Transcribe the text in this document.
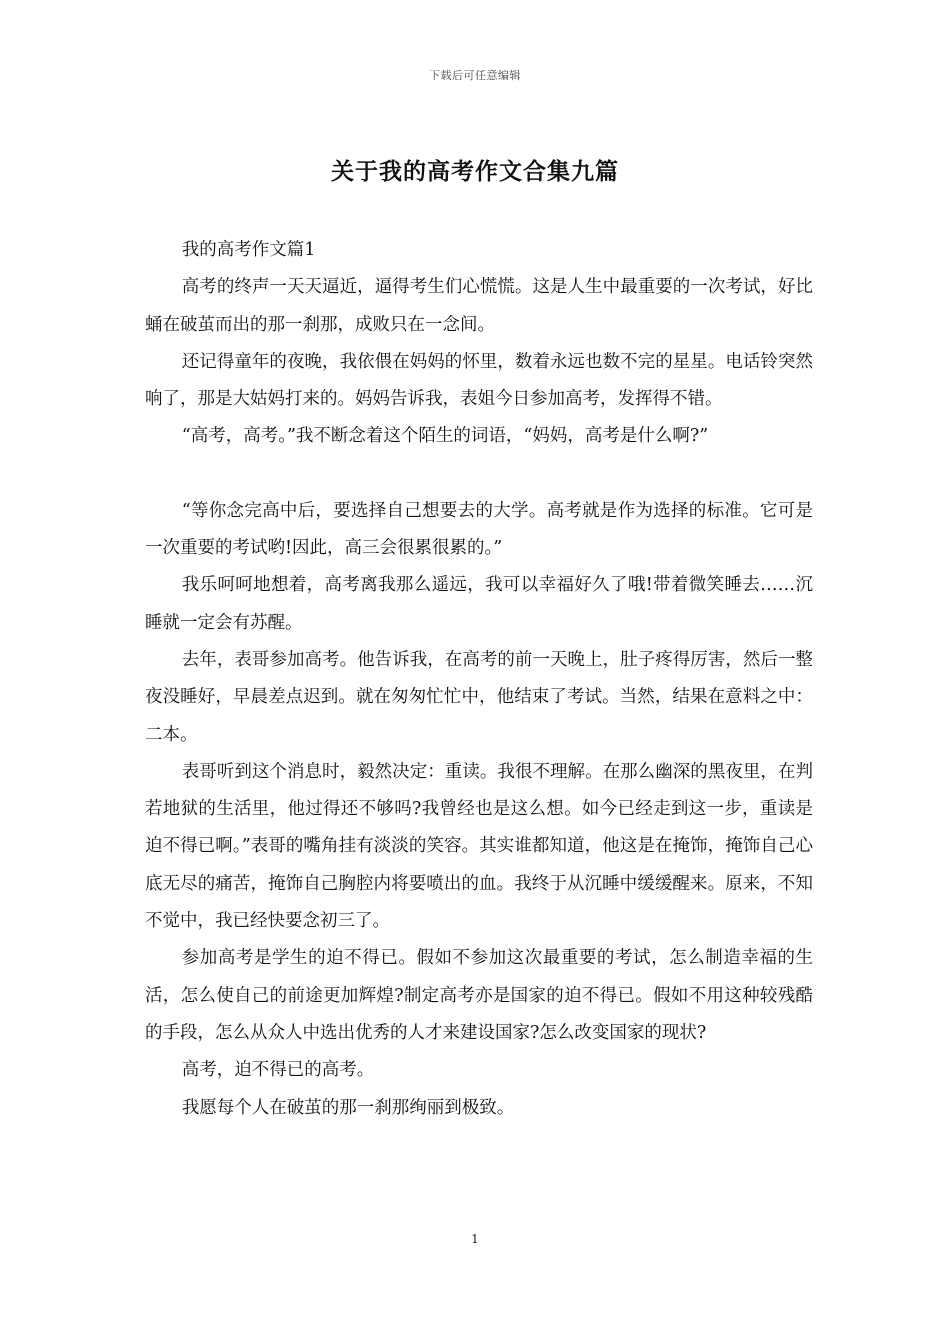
下载后可任意编辑
关于我的高考作文合集九篇

我的高考作文篇1

高考的终声一天天逼近，逼得考生们心慌慌。这是人生中最重要的一次考试，好比蛹在破茧而出的那一刹那，成败只在一念间。

还记得童年的夜晚，我依偎在妈妈的怀里，数着永远也数不完的星星。电话铃突然响了，那是大姑妈打来的。妈妈告诉我，表姐今日参加高考，发挥得不错。

“高考，高考。”我不断念着这个陌生的词语，“妈妈，高考是什么啊?”

“等你念完高中后，要选择自己想要去的大学。高考就是作为选择的标准。它可是一次重要的考试哟!因此，高三会很累很累的。”

我乐呵呵地想着，高考离我那么遥远，我可以幸福好久了哦!带着微笑睡去……沉睡就一定会有苏醒。

去年，表哥参加高考。他告诉我，在高考的前一天晚上，肚子疼得厉害，然后一整夜没睡好，早晨差点迟到。就在匆匆忙忙中，他结束了考试。当然，结果在意料之中：二本。

表哥听到这个消息时，毅然决定：重读。我很不理解。在那么幽深的黑夜里，在判若地狱的生活里，他过得还不够吗?我曾经也是这么想。如今已经走到这一步，重读是迫不得已啊。”表哥的嘴角挂有淡淡的笑容。其实谁都知道，他这是在掩饰，掩饰自己心底无尽的痛苦，掩饰自己胸腔内将要喷出的血。我终于从沉睡中缓缓醒来。原来，不知不觉中，我已经快要念初三了。

参加高考是学生的迫不得已。假如不参加这次最重要的考试，怎么制造幸福的生活，怎么使自己的前途更加辉煌?制定高考亦是国家的迫不得已。假如不用这种较残酷的手段，怎么从众人中选出优秀的人才来建设国家?怎么改变国家的现状?

高考，迫不得已的高考。

我愿每个人在破茧的那一刹那绚丽到极致。

1
